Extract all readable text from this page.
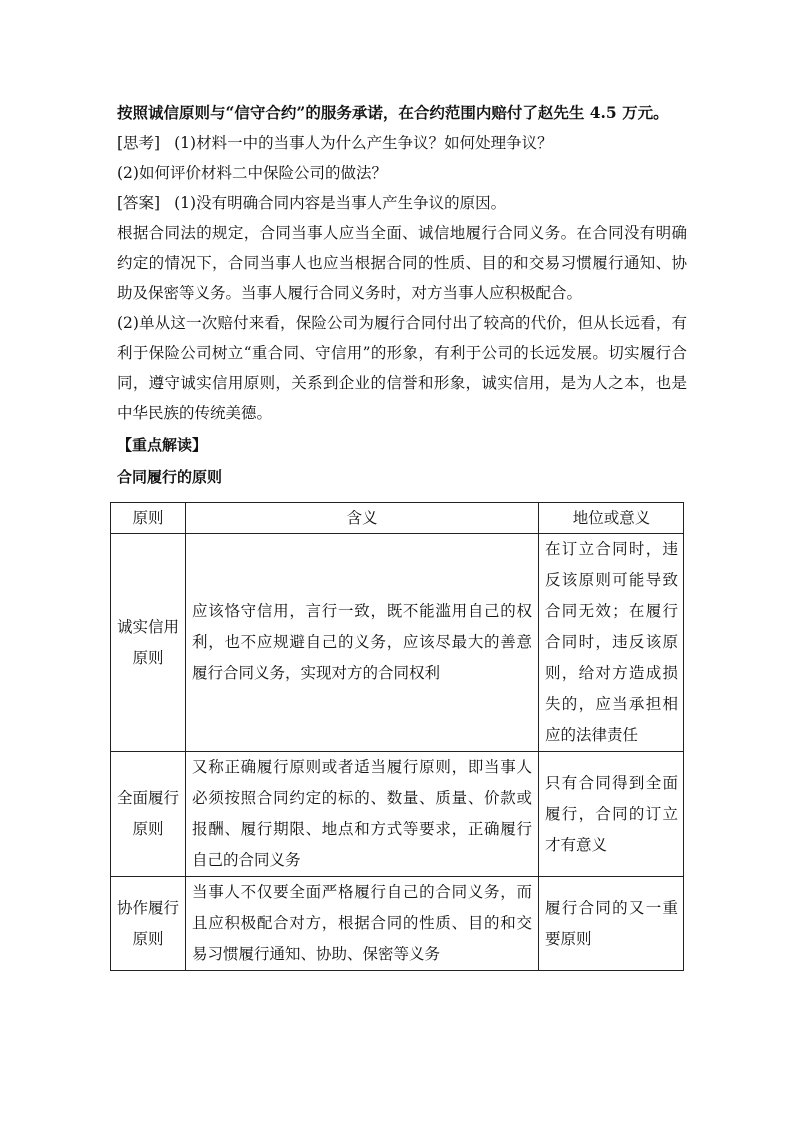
按照诚信原则与“信守合约”的服务承诺，在合约范围内赔付了赵先生 4.5 万元。

[思考] (1)材料一中的当事人为什么产生争议？如何处理争议？

(2)如何评价材料二中保险公司的做法？

[答案] (1)没有明确合同内容是当事人产生争议的原因。

根据合同法的规定，合同当事人应当全面、诚信地履行合同义务。在合同没有明确约定的情况下，合同当事人也应当根据合同的性质、目的和交易习惯履行通知、协助及保密等义务。当事人履行合同义务时，对方当事人应积极配合。

(2)单从这一次赔付来看，保险公司为履行合同付出了较高的代价，但从长远看，有利于保险公司树立“重合同、守信用”的形象，有利于公司的长远发展。切实履行合同，遵守诚实信用原则，关系到企业的信誉和形象，诚实信用，是为人之本，也是中华民族的传统美德。

【重点解读】

合同履行的原则

原则	含义	地位或意义
诚实信用原则	应该恪守信用，言行一致，既不能滥用自己的权利，也不应规避自己的义务，应该尽最大的善意履行合同义务，实现对方的合同权利	在订立合同时，违反该原则可能导致合同无效；在履行合同时，违反该原则，给对方造成损失的，应当承担相应的法律责任
全面履行原则	又称正确履行原则或者适当履行原则，即当事人必须按照合同约定的标的、数量、质量、价款或报酬、履行期限、地点和方式等要求，正确履行自己的合同义务	只有合同得到全面履行，合同的订立才有意义
协作履行原则	当事人不仅要全面严格履行自己的合同义务，而且应积极配合对方，根据合同的性质、目的和交易习惯履行通知、协助、保密等义务	履行合同的又一重要原则
